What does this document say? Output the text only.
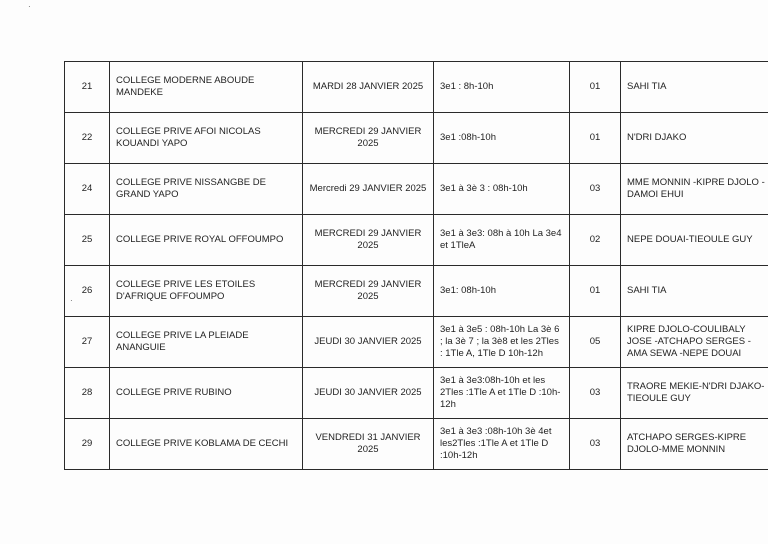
21	COLLEGE MODERNE ABOUDE MANDEKE	MARDI 28 JANVIER 2025	3e1 : 8h-10h	01	SAHI TIA
22	COLLEGE PRIVE AFOI NICOLAS KOUANDI YAPO	MERCREDI 29 JANVIER 2025	3e1 :08h-10h	01	N'DRI DJAKO
24	COLLEGE PRIVE NISSANGBE DE GRAND YAPO	Mercredi 29 JANVIER 2025	3e1 à 3è 3 : 08h-10h	03	MME MONNIN -KIPRE DJOLO -DAMOI EHUI
25	COLLEGE PRIVE ROYAL OFFOUMPO	MERCREDI 29 JANVIER 2025	3e1 à 3e3: 08h à 10h La 3e4 et 1TleA	02	NEPE DOUAI-TIEOULE GUY
26	COLLEGE PRIVE LES ETOILES D'AFRIQUE OFFOUMPO	MERCREDI 29 JANVIER 2025	3e1: 08h-10h	01	SAHI TIA
27	COLLEGE PRIVE LA PLEIADE ANANGUIE	JEUDI 30 JANVIER 2025	3e1 à 3e5 : 08h-10h La 3è 6 ; la 3è 7 ; la 3è8 et les 2Tles : 1Tle A, 1Tle D 10h-12h	05	KIPRE DJOLO-COULIBALY JOSE -ATCHAPO SERGES -AMA SEWA -NEPE DOUAI
28	COLLEGE PRIVE RUBINO	JEUDI 30 JANVIER 2025	3e1 à 3e3:08h-10h et les 2Tles :1Tle A et 1Tle D :10h-12h	03	TRAORE MEKIE-N'DRI DJAKO-TIEOULE GUY
29	COLLEGE PRIVE KOBLAMA DE CECHI	VENDREDI 31 JANVIER 2025	3e1 à 3e3 :08h-10h 3è 4et les2Tles :1Tle A et 1Tle D :10h-12h	03	ATCHAPO SERGES-KIPRE DJOLO-MME MONNIN
·
·
